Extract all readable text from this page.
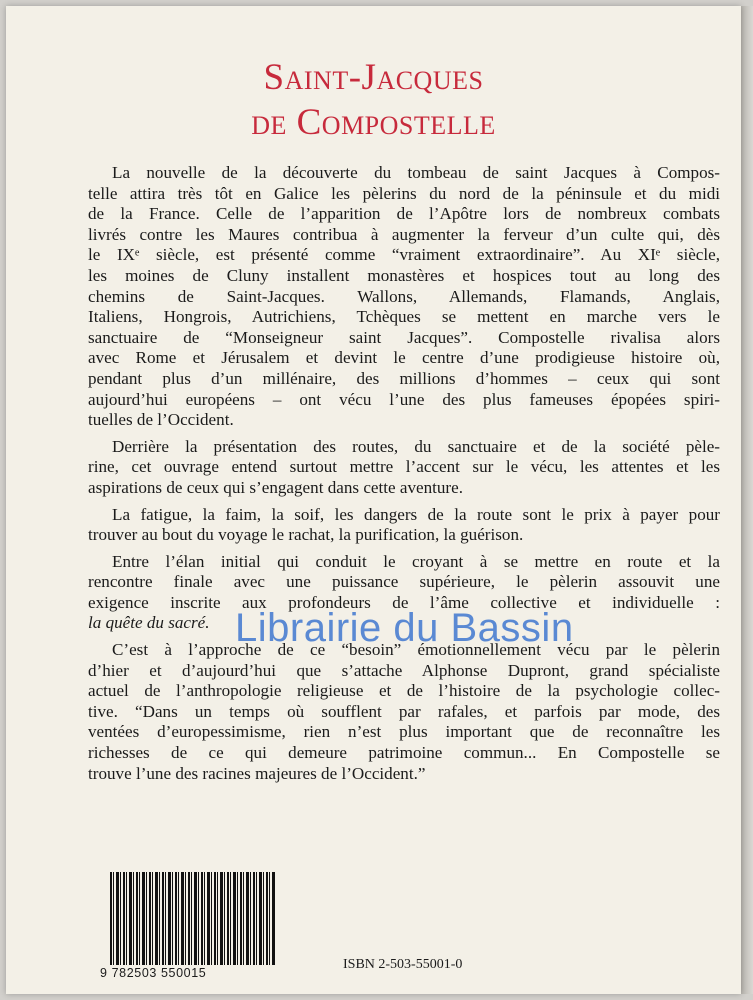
Saint-Jacques
de Compostelle

La nouvelle de la découverte du tombeau de saint Jacques à Compos-
telle attira très tôt en Galice les pèlerins du nord de la péninsule et du midi
de la France. Celle de l’apparition de l’Apôtre lors de nombreux combats
livrés contre les Maures contribua à augmenter la ferveur d’un culte qui, dès
le IXᵉ siècle, est présenté comme “vraiment extraordinaire”. Au XIᵉ siècle,
les moines de Cluny installent monastères et hospices tout au long des
chemins de Saint-Jacques. Wallons, Allemands, Flamands, Anglais,
Italiens, Hongrois, Autrichiens, Tchèques se mettent en marche vers le
sanctuaire de “Monseigneur saint Jacques”. Compostelle rivalisa alors
avec Rome et Jérusalem et devint le centre d’une prodigieuse histoire où,
pendant plus d’un millénaire, des millions d’hommes – ceux qui sont
aujourd’hui européens – ont vécu l’une des plus fameuses épopées spiri-
tuelles de l’Occident.

Derrière la présentation des routes, du sanctuaire et de la société pèle-
rine, cet ouvrage entend surtout mettre l’accent sur le vécu, les attentes et les
aspirations de ceux qui s’engagent dans cette aventure.

La fatigue, la faim, la soif, les dangers de la route sont le prix à payer pour
trouver au bout du voyage le rachat, la purification, la guérison.

Entre l’élan initial qui conduit le croyant à se mettre en route et la
rencontre finale avec une puissance supérieure, le pèlerin assouvit une
exigence inscrite aux profondeurs de l’âme collective et individuelle :
la quête du sacré.

C’est à l’approche de ce “besoin” émotionnellement vécu par le pèlerin
d’hier et d’aujourd’hui que s’attache Alphonse Dupront, grand spécialiste
actuel de l’anthropologie religieuse et de l’histoire de la psychologie collec-
tive. “Dans un temps où soufflent par rafales, et parfois par mode, des
ventées d’europessimisme, rien n’est plus important que de reconnaître les
richesses de ce qui demeure patrimoine commun... En Compostelle se
trouve l’une des racines majeures de l’Occident.”

Librairie du Bassin
9 782503 550015
ISBN 2-503-55001-0
